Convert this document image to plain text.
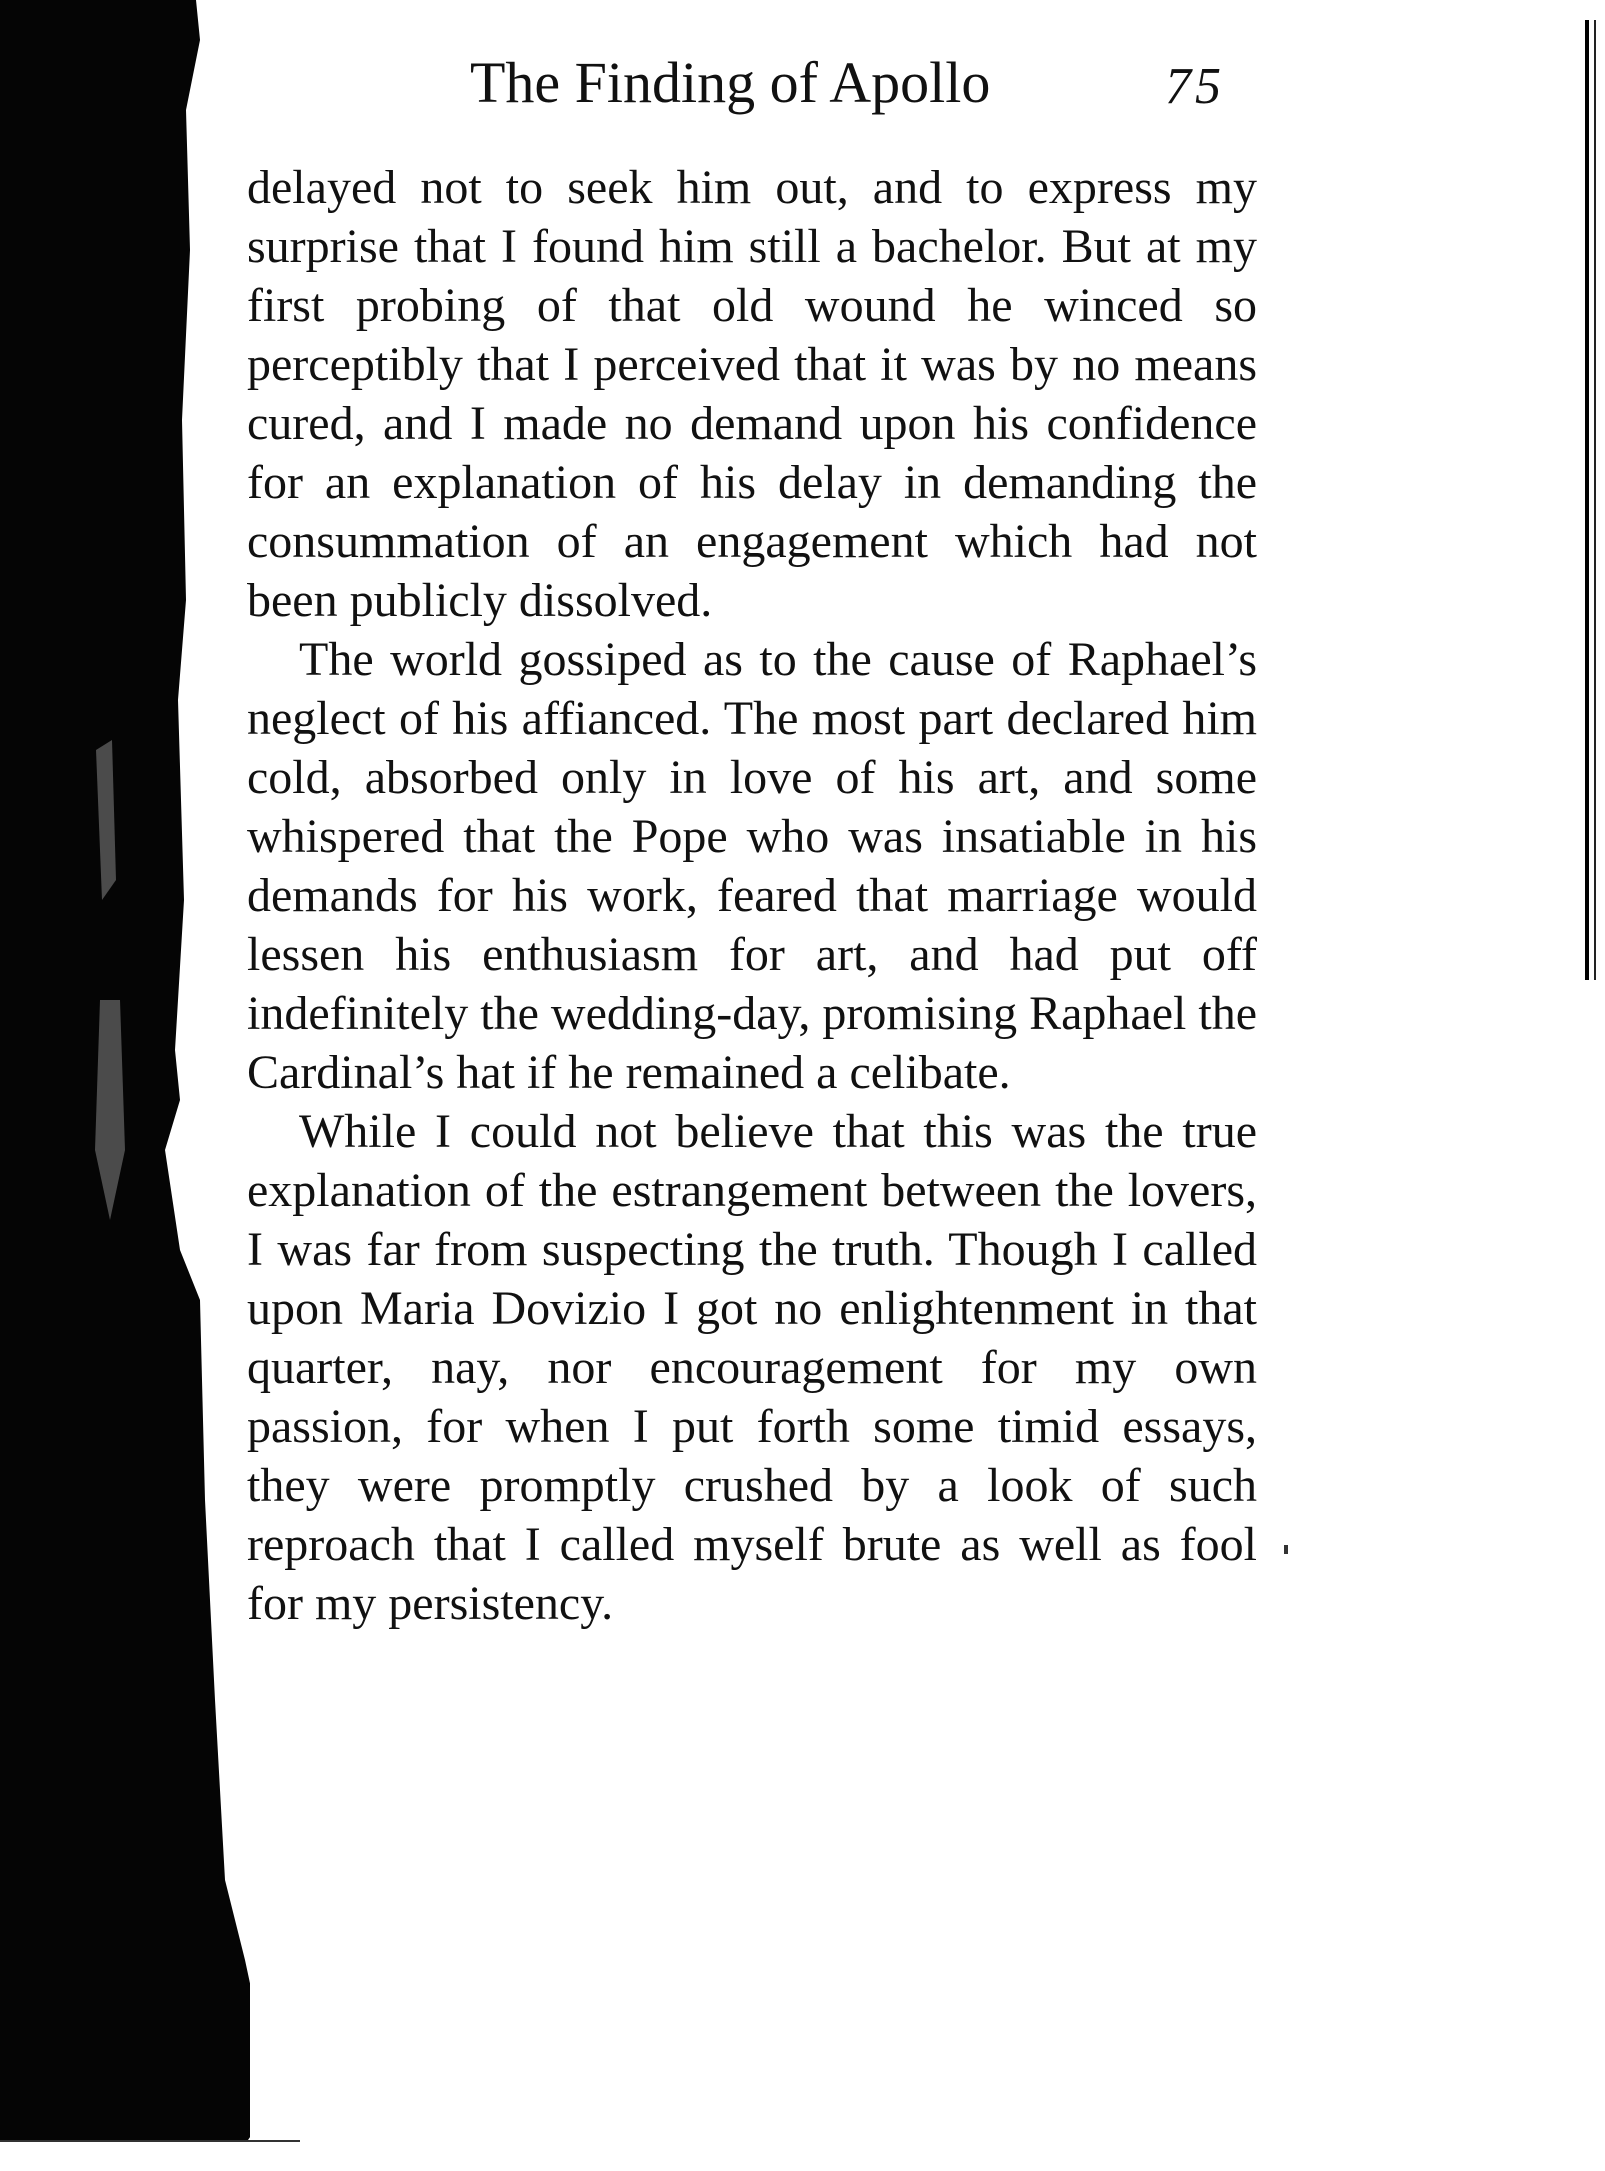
The Finding of Apollo	75

delayed not to seek him out, and to express my surprise that I found him still a bachelor. But at my first probing of that old wound he winced so perceptibly that I perceived that it was by no means cured, and I made no demand upon his confidence for an explanation of his delay in demanding the consummation of an engagement which had not been publicly dissolved.

The world gossiped as to the cause of Raphael’s neglect of his affianced. The most part declared him cold, absorbed only in love of his art, and some whispered that the Pope who was insatiable in his demands for his work, feared that marriage would lessen his enthusiasm for art, and had put off indefinitely the wedding-day, promising Raphael the Cardinal’s hat if he remained a celibate.

While I could not believe that this was the true explanation of the estrangement between the lovers, I was far from suspecting the truth. Though I called upon Maria Dovizio I got no enlightenment in that quarter, nay, nor encouragement for my own passion, for when I put forth some timid essays, they were promptly crushed by a look of such reproach that I called myself brute as well as fool for my persistency.
